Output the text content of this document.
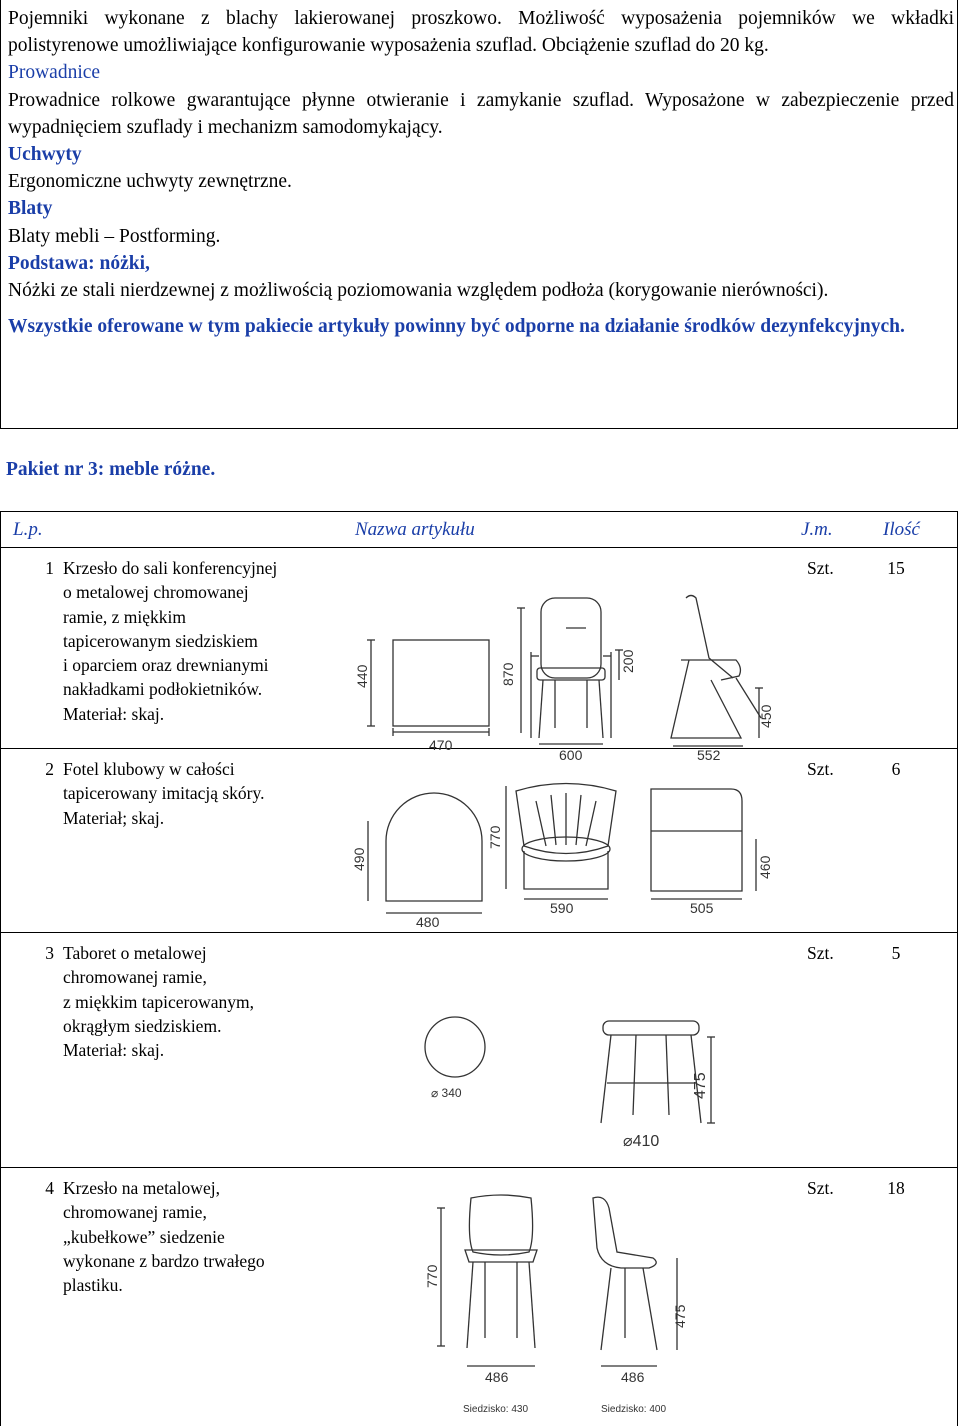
Pojemniki wykonane z blachy lakierowanej proszkowo. Możliwość wyposażenia pojemników we wkładki polistyrenowe umożliwiające konfigurowanie wyposażenia szuflad. Obciążenie szuflad do 20 kg.

Prowadnice

Prowadnice rolkowe gwarantujące płynne otwieranie i zamykanie szuflad. Wyposażone w zabezpieczenie przed wypadnięciem szuflady i mechanizm samodomykający.

Uchwyty

Ergonomiczne uchwyty zewnętrzne.

Blaty

Blaty mebli – Postforming.

Podstawa: nóżki,

Nóżki ze stali nierdzewnej z możliwością poziomowania względem podłoża (korygowanie nierówności).

Wszystkie oferowane w tym pakiecie artykuły powinny być odporne na działanie środków dezynfekcyjnych.

Pakiet nr 3: meble różne.
L.p.	Nazwa artykułu	J.m.	Ilość
1 Krzesło do sali konferencyjnej
o metalowej chromowanej
ramie, z miękkim
tapicerowanym siedziskiem
i oparciem oraz drewnianymi
nakładkami podłokietników.
Materiał: skaj.
Szt.	15
440
470
870
200
600	552
450
2 Fotel klubowy w całości
tapicerowany imitacją skóry.
Materiał; skaj.
Szt.	6
490
480
770
590	505
460
3 Taboret o metalowej
chromowanej ramie,
z miękkim tapicerowanym,
okrągłym siedziskiem.
Materiał: skaj.
Szt.	5
⌀ 340
⌀410
475
4 Krzesło na metalowej,
chromowanej ramie,
„kubełkowe” siedzenie
wykonane z bardzo trwałego
plastiku.
Szt.	18
770
486
475
486
Siedzisko: 430	Siedzisko: 400
